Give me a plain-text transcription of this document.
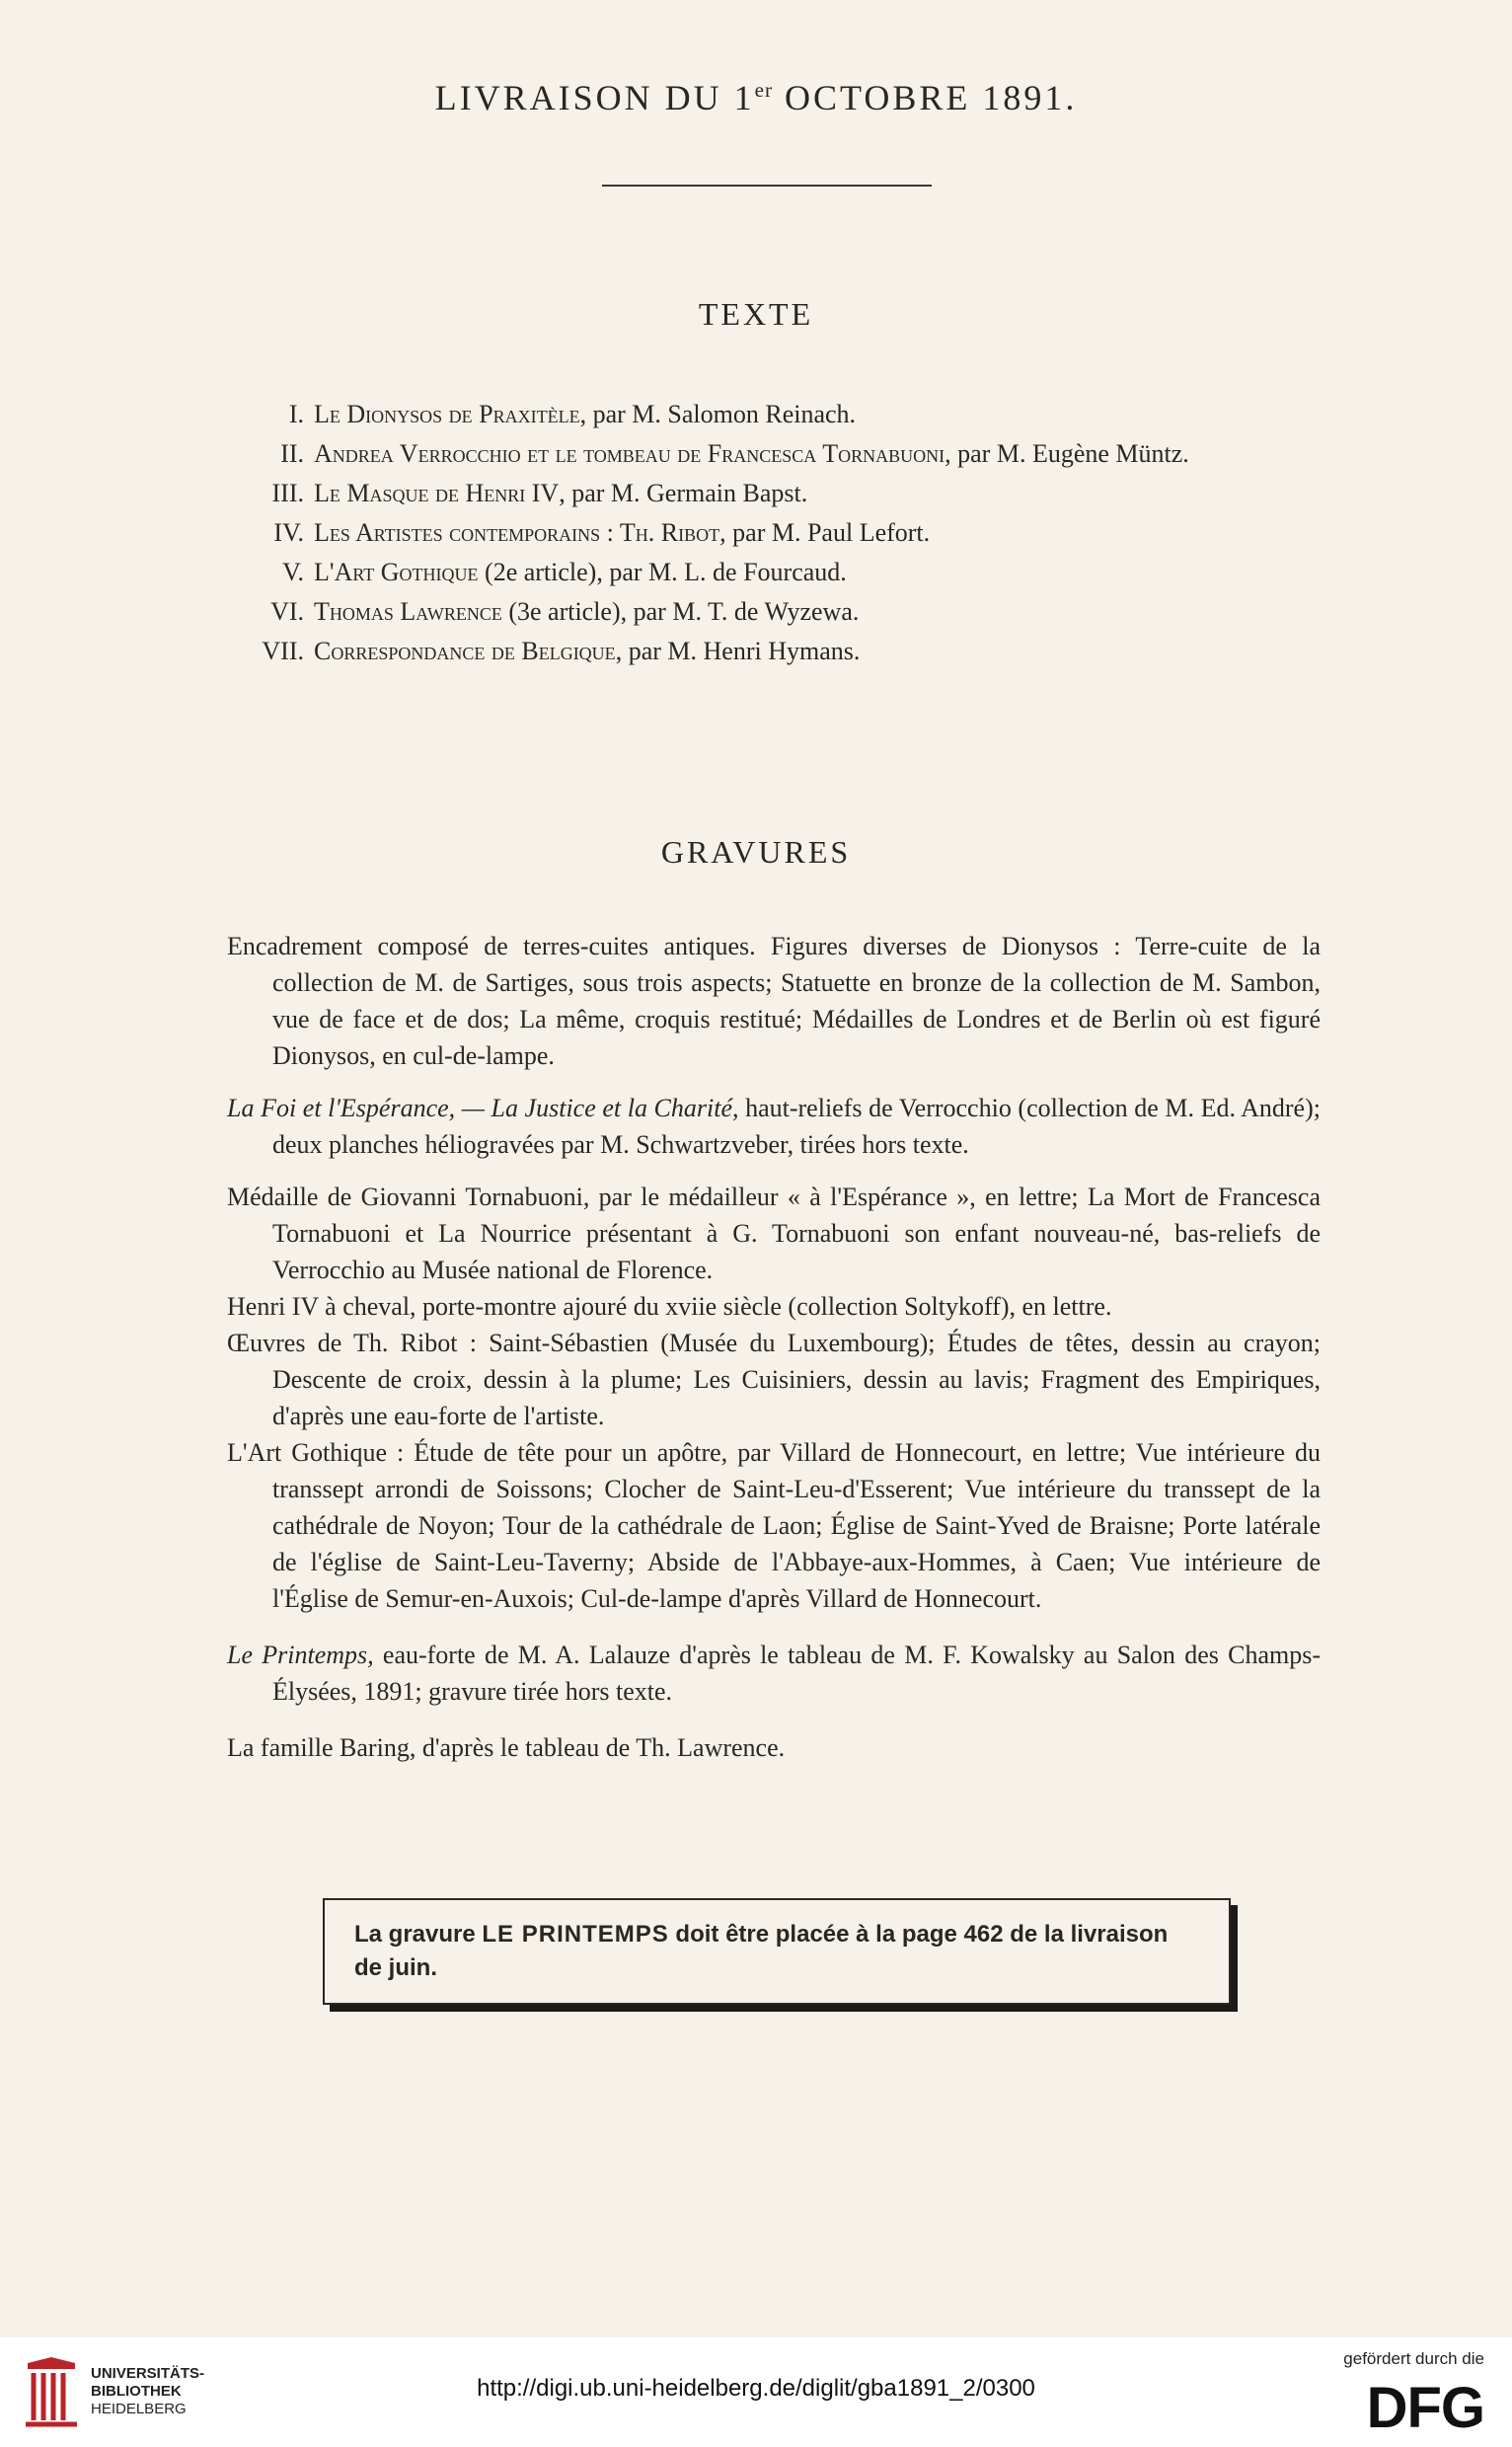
LIVRAISON DU 1er OCTOBRE 1891.
TEXTE
I. Le Dionysos de Praxitèle, par M. Salomon Reinach.
II. Andrea Verrocchio et le tombeau de Francesca Tornabuoni, par M. Eugène Müntz.
III. Le Masque de Henri IV, par M. Germain Bapst.
IV. Les Artistes contemporains : Th. Ribot, par M. Paul Lefort.
V. L'Art Gothique (2e article), par M. L. de Fourcaud.
VI. Thomas Lawrence (3e article), par M. T. de Wyzewa.
VII. Correspondance de Belgique, par M. Henri Hymans.
GRAVURES
Encadrement composé de terres-cuites antiques. Figures diverses de Dionysos : Terre-cuite de la collection de M. de Sartiges, sous trois aspects; Statuette en bronze de la collection de M. Sambon, vue de face et de dos; La même, croquis restitué; Médailles de Londres et de Berlin où est figuré Dionysos, en cul-de-lampe.
La Foi et l'Espérance, — La Justice et la Charité, haut-reliefs de Verrocchio (collection de M. Ed. André); deux planches héliogravées par M. Schwartzveber, tirées hors texte.
Médaille de Giovanni Tornabuoni, par le médailleur « à l'Espérance », en lettre; La Mort de Francesca Tornabuoni et La Nourrice présentant à G. Tornabuoni son enfant nouveau-né, bas-reliefs de Verrocchio au Musée national de Florence.
Henri IV à cheval, porte-montre ajouré du xviie siècle (collection Soltykoff), en lettre.
Œuvres de Th. Ribot : Saint-Sébastien (Musée du Luxembourg); Études de têtes, dessin au crayon; Descente de croix, dessin à la plume; Les Cuisiniers, dessin au lavis; Fragment des Empiriques, d'après une eau-forte de l'artiste.
L'Art Gothique : Étude de tête pour un apôtre, par Villard de Honnecourt, en lettre; Vue intérieure du transsept arrondi de Soissons; Clocher de Saint-Leu-d'Esserent; Vue intérieure du transsept de la cathédrale de Noyon; Tour de la cathédrale de Laon; Église de Saint-Yved de Braisne; Porte latérale de l'église de Saint-Leu-Taverny; Abside de l'Abbaye-aux-Hommes, à Caen; Vue intérieure de l'Église de Semur-en-Auxois; Cul-de-lampe d'après Villard de Honnecourt.
Le Printemps, eau-forte de M. A. Lalauze d'après le tableau de M. F. Kowalsky au Salon des Champs-Élysées, 1891; gravure tirée hors texte.
La famille Baring, d'après le tableau de Th. Lawrence.
La gravure LE PRINTEMPS doit être placée à la page 462 de la livraison de juin.
UNIVERSITÄTS-
BIBLIOTHEK
HEIDELBERG
http://digi.ub.uni-heidelberg.de/diglit/gba1891_2/0300
gefördert durch die
DFG
